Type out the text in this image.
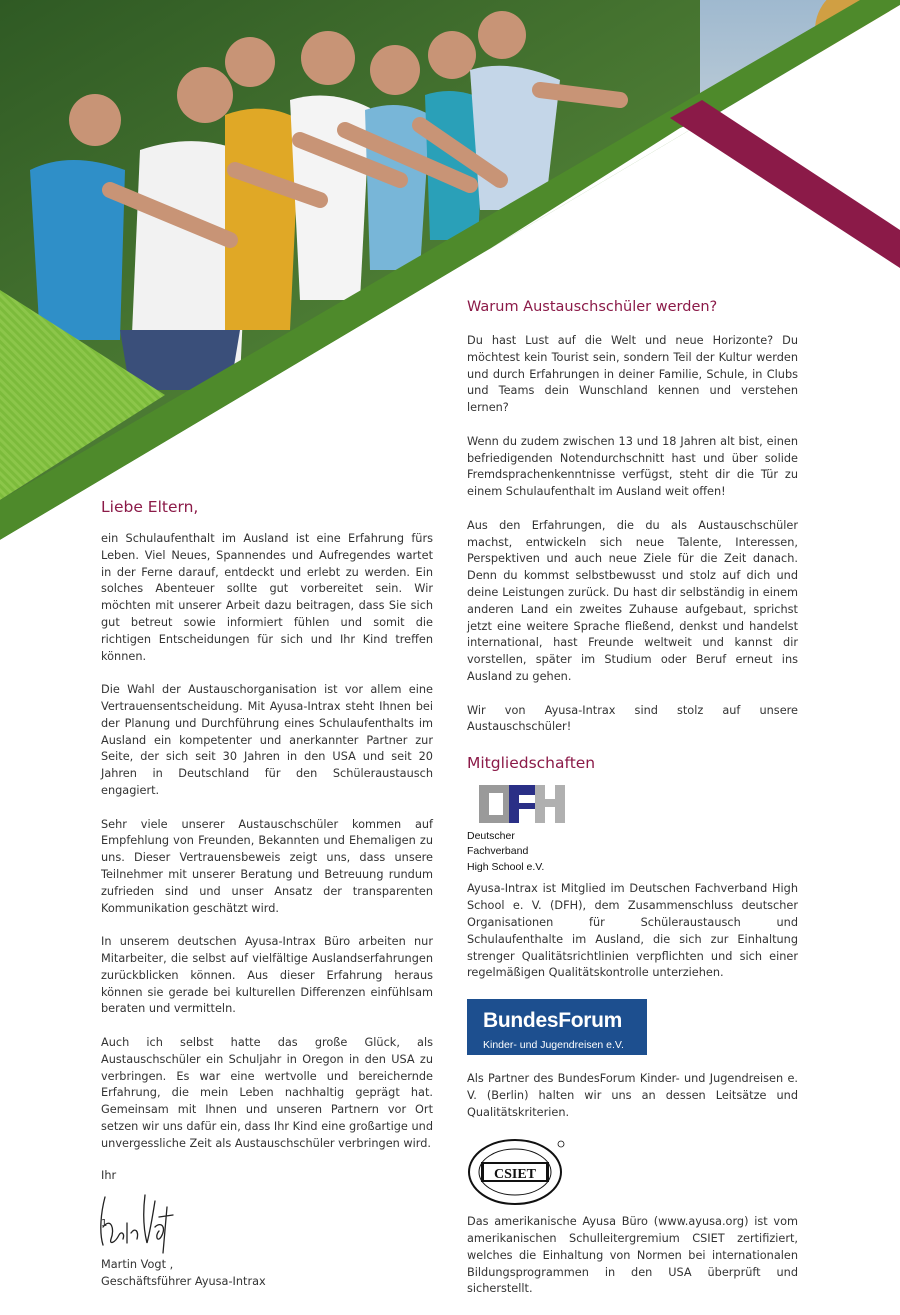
Liebe Eltern,

ein Schulaufenthalt im Ausland ist eine Erfahrung fürs Leben. Viel Neues, Spannendes und Aufregendes wartet in der Ferne darauf, entdeckt und erlebt zu werden. Ein solches Abenteuer sollte gut vorbereitet sein. Wir möchten mit unserer Arbeit dazu beitragen, dass Sie sich gut betreut sowie informiert fühlen und somit die richtigen Entscheidungen für sich und Ihr Kind treffen können.

Die Wahl der Austauschorganisation ist vor allem eine Vertrauensentscheidung. Mit Ayusa-Intrax steht Ihnen bei der Planung und Durchführung eines Schulaufenthalts im Ausland ein kompetenter und anerkannter Partner zur Seite, der sich seit 30 Jahren in den USA und seit 20 Jahren in Deutschland für den Schüleraustausch engagiert.

Sehr viele unserer Austauschschüler kommen auf Empfehlung von Freunden, Bekannten und Ehemaligen zu uns. Dieser Vertrauensbeweis zeigt uns, dass unsere Teilnehmer mit unserer Beratung und Betreuung rundum zufrieden sind und unser Ansatz der transparenten Kommunikation geschätzt wird.

In unserem deutschen Ayusa-Intrax Büro arbeiten nur Mitarbeiter, die selbst auf vielfältige Auslandserfahrungen zurückblicken können. Aus dieser Erfahrung heraus können sie gerade bei kulturellen Differenzen einfühlsam beraten und vermitteln.

Auch ich selbst hatte das große Glück, als Austauschschüler ein Schuljahr in Oregon in den USA zu verbringen. Es war eine wertvolle und bereichernde Erfahrung, die mein Leben nachhaltig geprägt hat. Gemeinsam mit Ihnen und unseren Partnern vor Ort setzen wir uns dafür ein, dass Ihr Kind eine großartige und unvergessliche Zeit als Austauschschüler verbringen wird.

Ihr
Martin Vogt ,
Geschäftsführer Ayusa-Intrax
Warum Austauschschüler werden?

Du hast Lust auf die Welt und neue Horizonte? Du möchtest kein Tourist sein, sondern Teil der Kultur werden und durch Erfahrungen in deiner Familie, Schule, in Clubs und Teams dein Wunschland kennen und verstehen lernen?

Wenn du zudem zwischen 13 und 18 Jahren alt bist, einen befriedigenden Notendurchschnitt hast und über solide Fremdsprachenkenntnisse verfügst, steht dir die Tür zu einem Schulaufenthalt im Ausland weit offen!

Aus den Erfahrungen, die du als Austauschschüler machst, entwickeln sich neue Talente, Interessen, Perspektiven und auch neue Ziele für die Zeit danach. Denn du kommst selbstbewusst und stolz auf dich und deine Leistungen zurück. Du hast dir selbständig in einem anderen Land ein zweites Zuhause aufgebaut, sprichst jetzt eine weitere Sprache fließend, denkst und handelst international, hast Freunde weltweit und kannst dir vorstellen, später im Studium oder Beruf erneut ins Ausland zu gehen.

Wir von Ayusa-Intrax sind stolz auf unsere Austauschschüler!

Mitgliedschaften
Deutscher
Fachverband
High School e.V.

Ayusa-Intrax ist Mitglied im Deutschen Fachverband High School e. V. (DFH), dem Zusammenschluss deutscher Organisationen für Schüleraustausch und Schulaufenthalte im Ausland, die sich zur Einhaltung strenger Qualitätsrichtlinien verpflichten und sich einer regelmäßigen Qualitätskontrolle unterziehen.

BundesForum
Kinder- und Jugendreisen e.V.

Als Partner des BundesForum Kinder- und Jugendreisen e. V. (Berlin) halten wir uns an dessen Leitsätze und Qualitätskriterien.

CSIET

Das amerikanische Ayusa Büro (www.ayusa.org) ist vom amerikanischen Schulleitergremium CSIET zertifiziert, welches die Einhaltung von Normen bei internationalen Bildungsprogrammen in den USA überprüft und sicherstellt.

1
